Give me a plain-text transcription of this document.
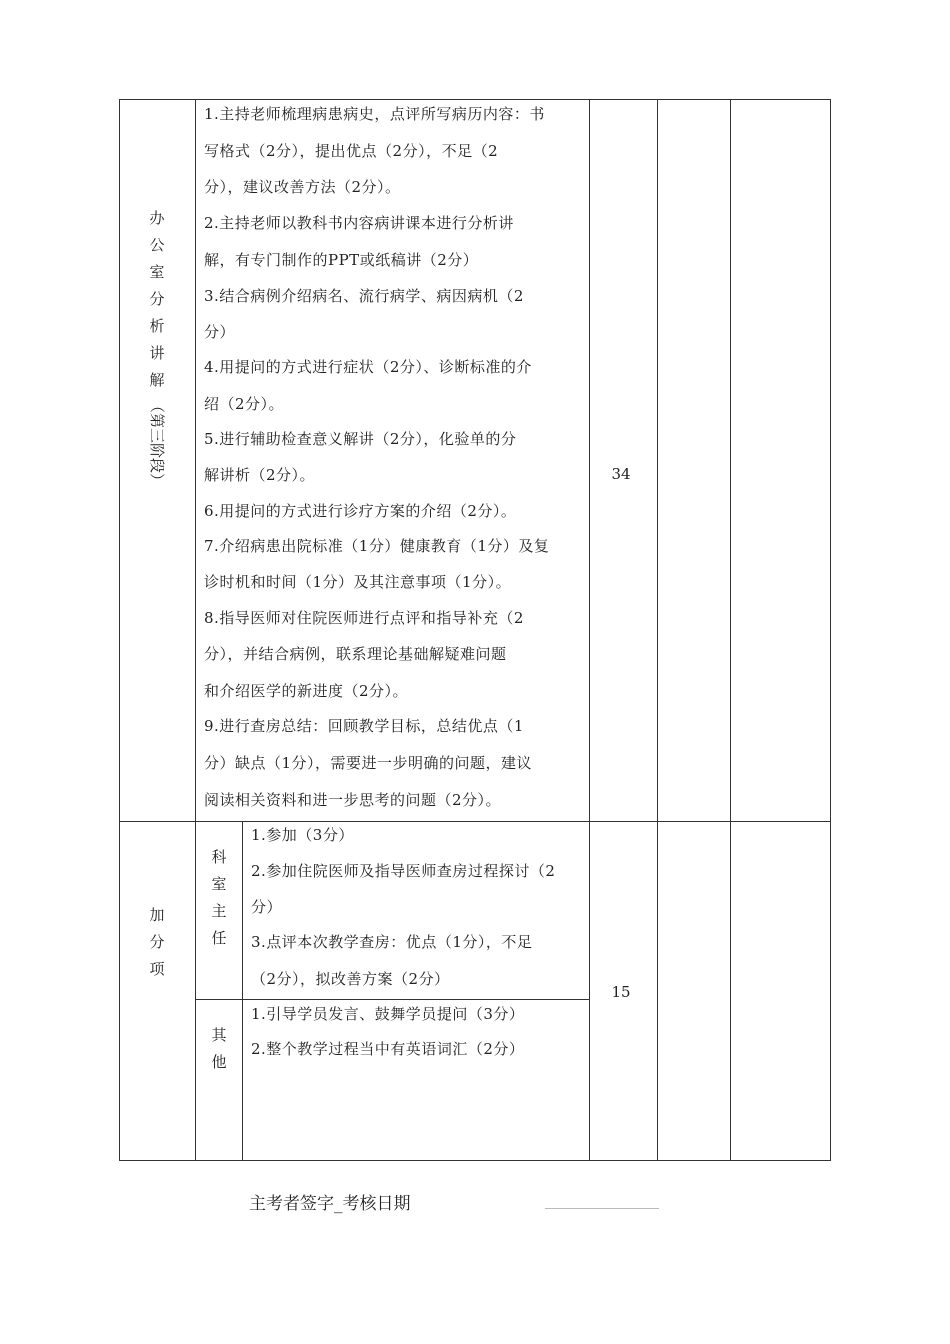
办公室分析讲解
（第三阶段）
1.主持老师梳理病患病史，点评所写病历内容：书
写格式（2分），提出优点（2分），不足（2
分），建议改善方法（2分）。
2.主持老师以教科书内容病讲课本进行分析讲
解，有专门制作的PPT或纸稿讲（2分）
3.结合病例介绍病名、流行病学、病因病机（2
分）
4.用提问的方式进行症状（2分）、诊断标准的介
绍（2分）。
5.进行辅助检查意义解讲（2分），化验单的分
解讲析（2分）。
6.用提问的方式进行诊疗方案的介绍（2分）。
7.介绍病患出院标准（1分）健康教育（1分）及复
诊时机和时间（1分）及其注意事项（1分）。
8.指导医师对住院医师进行点评和指导补充（2
分），并结合病例，联系理论基础解疑难问题
和介绍医学的新进度（2分）。
9.进行查房总结：回顾教学目标，总结优点（1
分）缺点（1分），需要进一步明确的问题，建议
阅读相关资料和进一步思考的问题（2分）。
34
加分项
科室主任
1.参加（3分）
2.参加住院医师及指导医师查房过程探讨（2
分）
3.点评本次教学查房：优点（1分），不足
（2分），拟改善方案（2分）
其他
1.引导学员发言、鼓舞学员提问（3分）
2.整个教学过程当中有英语词汇（2分）
15
主考者签字_考核日期
